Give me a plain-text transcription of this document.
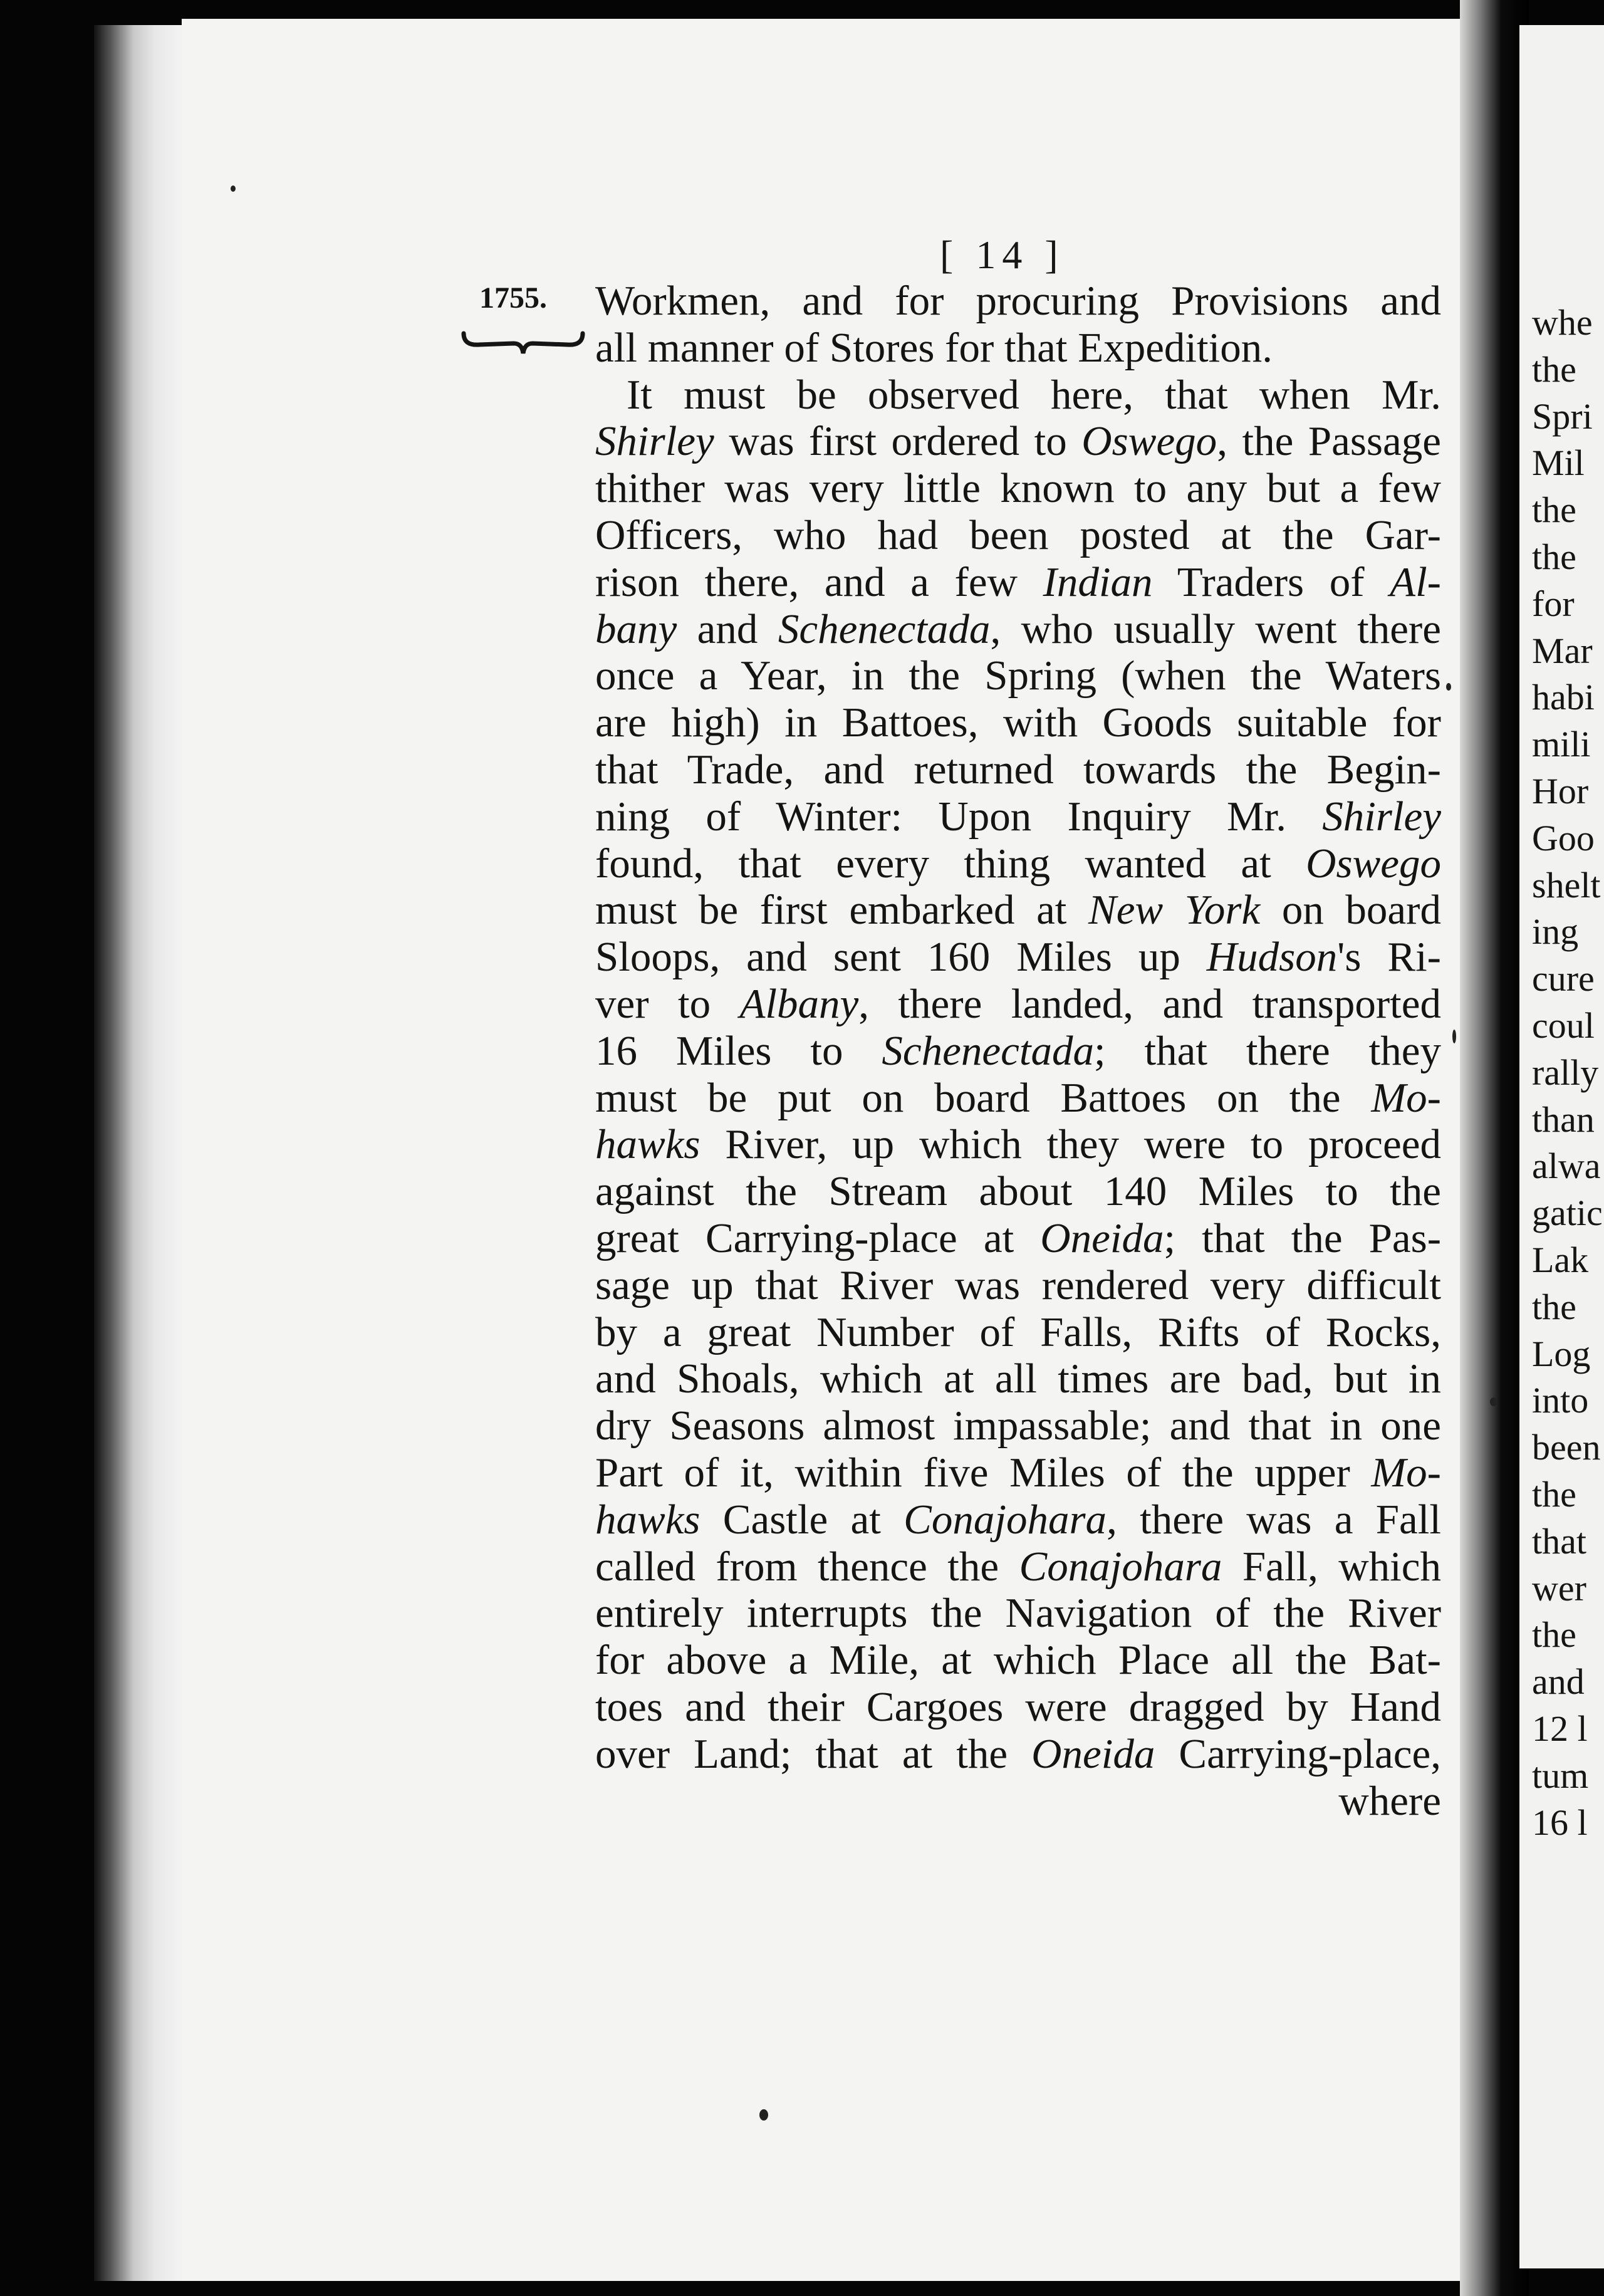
whe
the
Spri
Mil
the
the
for
Mar
habi
mili
Hor
Goo
shelt
ing
cure
coul
rally
than
alwa
gatic
Lak
the
Log
into
been
the
that
wer
the
and
12 l
tum
16 l
[ 14 ]
1755. Workmen, and for procuring Provisions and
all manner of Stores for that Expedition.
It must be observed here, that when Mr.
Shirley was first ordered to Oswego, the Passage
thither was very little known to any but a few
Officers, who had been posted at the Gar-
rison there, and a few Indian Traders of Al-
bany and Schenectada, who usually went there
once a Year, in the Spring (when the Waters
are high) in Battoes, with Goods suitable for
that Trade, and returned towards the Begin-
ning of Winter: Upon Inquiry Mr. Shirley
found, that every thing wanted at Oswego
must be first embarked at New York on board
Sloops, and sent 160 Miles up Hudson's Ri-
ver to Albany, there landed, and transported
16 Miles to Schenectada; that there they
must be put on board Battoes on the Mo-
hawks River, up which they were to proceed
against the Stream about 140 Miles to the
great Carrying-place at Oneida; that the Pas-
sage up that River was rendered very difficult
by a great Number of Falls, Rifts of Rocks,
and Shoals, which at all times are bad, but in
dry Seasons almost impassable; and that in one
Part of it, within five Miles of the upper Mo-
hawks Castle at Conajohara, there was a Fall
called from thence the Conajohara Fall, which
entirely interrupts the Navigation of the River
for above a Mile, at which Place all the Bat-
toes and their Cargoes were dragged by Hand
over Land; that at the Oneida Carrying-place,
where
